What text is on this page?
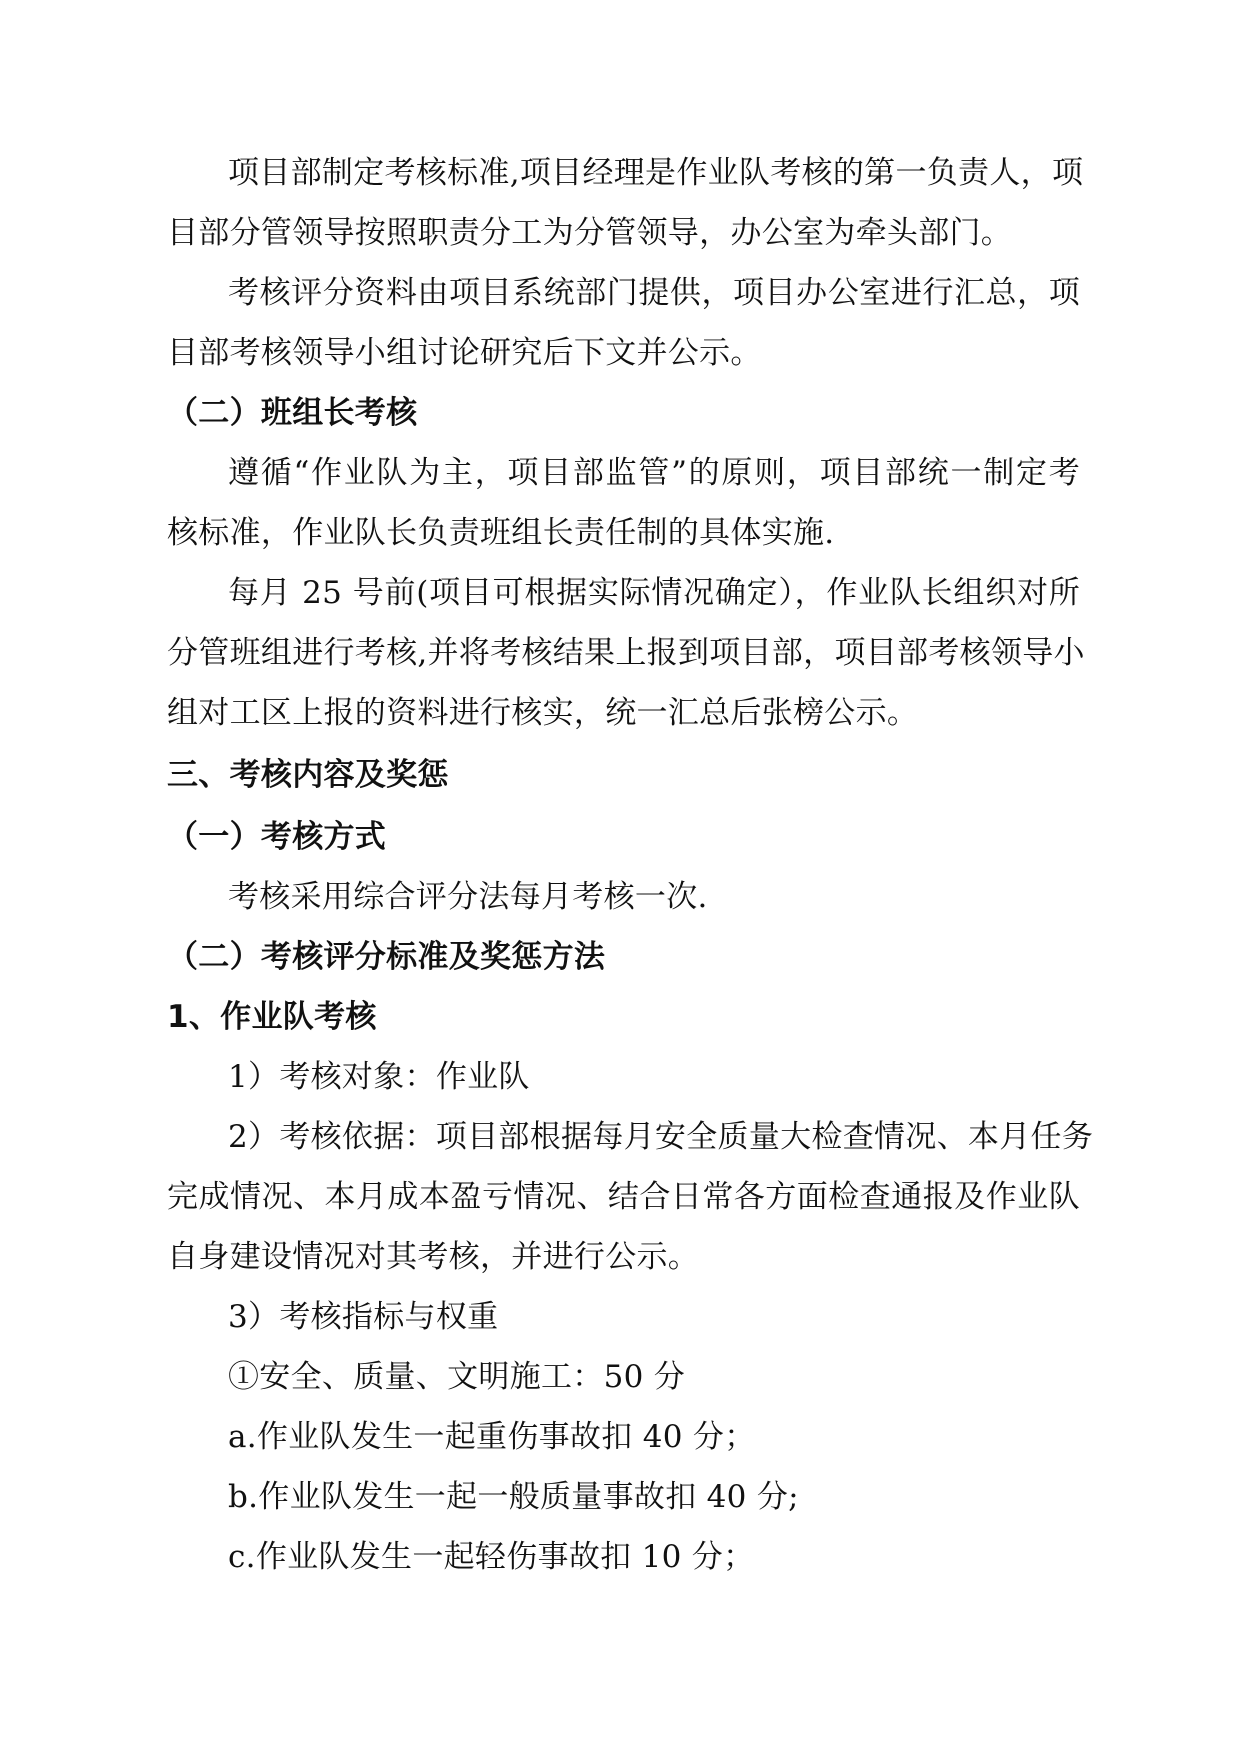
项目部制定考核标准,项目经理是作业队考核的第一负责人，项
目部分管领导按照职责分工为分管领导，办公室为牵头部门。
考核评分资料由项目系统部门提供，项目办公室进行汇总，项
目部考核领导小组讨论研究后下文并公示。
（二）班组长考核
遵循“作业队为主，项目部监管”的原则，项目部统一制定考
核标准，作业队长负责班组长责任制的具体实施.
每月 25 号前(项目可根据实际情况确定），作业队长组织对所
分管班组进行考核,并将考核结果上报到项目部，项目部考核领导小
组对工区上报的资料进行核实，统一汇总后张榜公示。
三、考核内容及奖惩
（一）考核方式
考核采用综合评分法每月考核一次.
（二）考核评分标准及奖惩方法
1、作业队考核
1）考核对象：作业队
2）考核依据：项目部根据每月安全质量大检查情况、本月任务
完成情况、本月成本盈亏情况、结合日常各方面检查通报及作业队
自身建设情况对其考核，并进行公示。
3）考核指标与权重
①安全、质量、文明施工：50 分
a.作业队发生一起重伤事故扣 40 分；
b.作业队发生一起一般质量事故扣 40 分;
c.作业队发生一起轻伤事故扣 10 分；
